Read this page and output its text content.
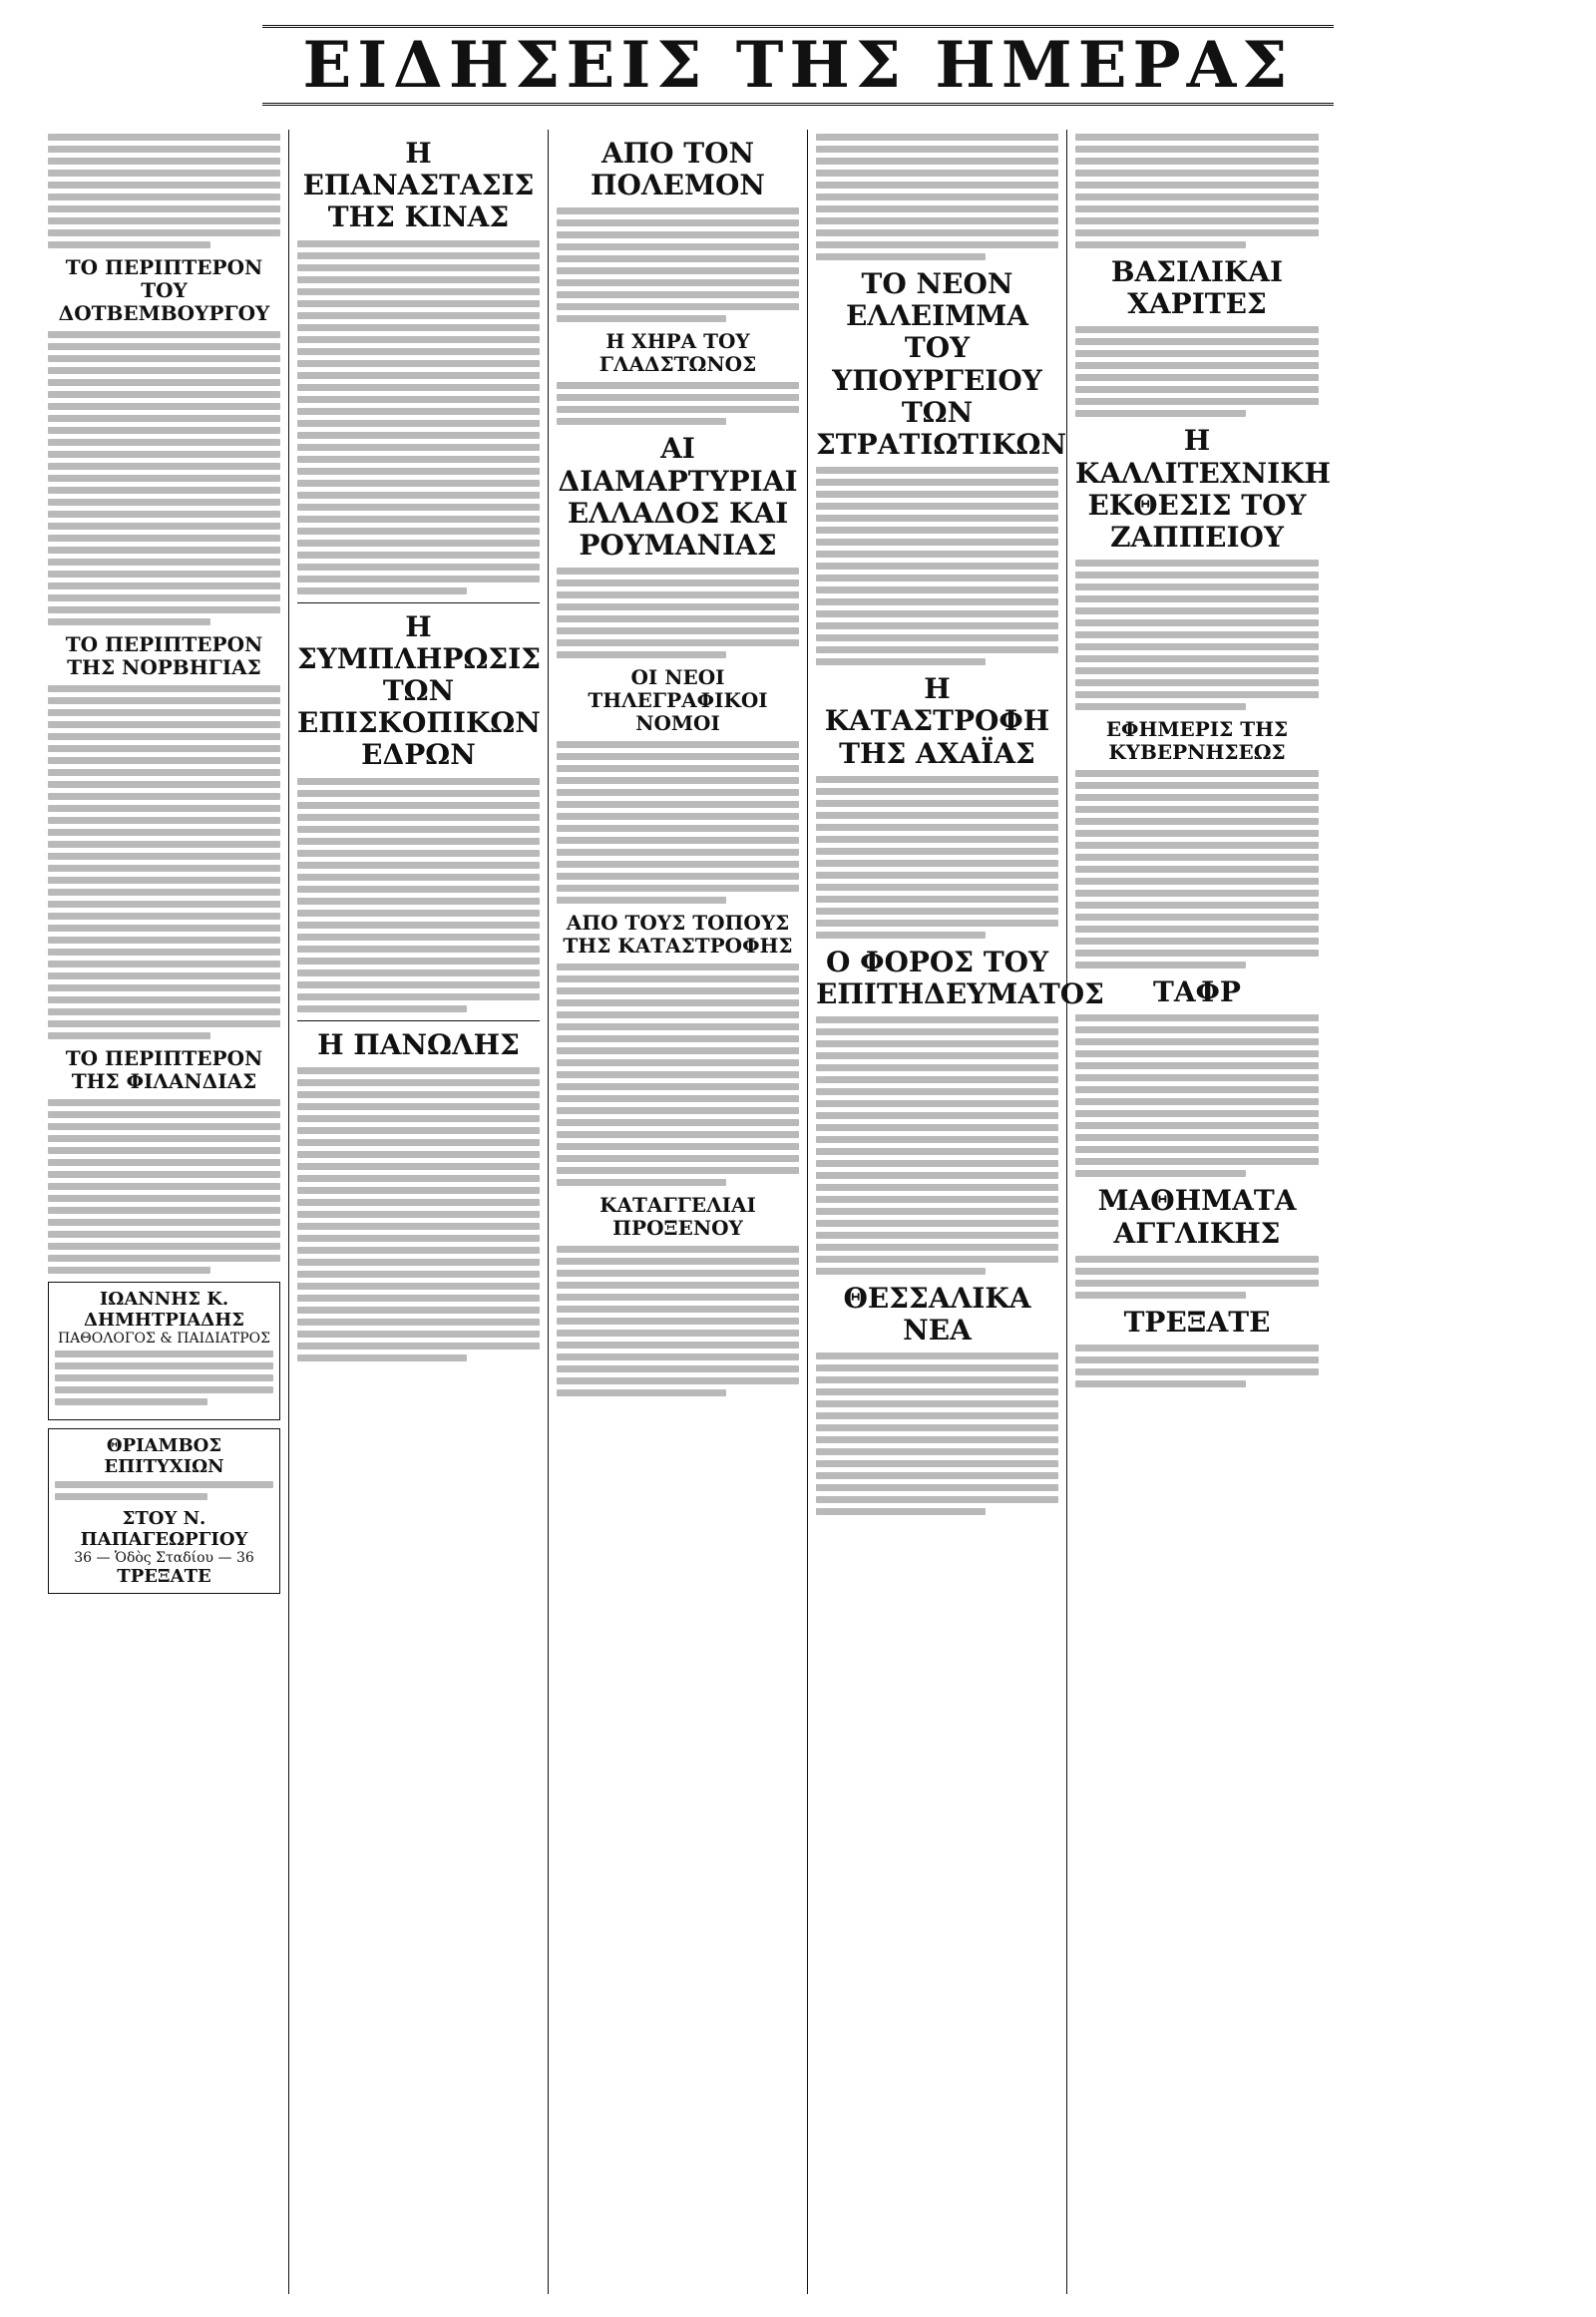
ΕΙΔΗΣΕΙΣ ΤΗΣ ΗΜΕΡΑΣ
ΤΟ ΠΕΡΙΠΤΕΡΟΝ ΤΟΥ ΔΟΤΒΕΜΒΟΥΡΓΟΥ
ΤΟ ΠΕΡΙΠΤΕΡΟΝ ΤΗΣ ΝΟΡΒΗΓΙΑΣ
ΤΟ ΠΕΡΙΠΤΕΡΟΝ ΤΗΣ ΦΙΛΑΝΔΙΑΣ
ΙΩΑΝΝΗΣ Κ. ΔΗΜΗΤΡΙΑΔΗΣ
ΠΑΘΟΛΟΓΟΣ & ΠΑΙΔΙΑΤΡΟΣ
ΘΡΙΑΜΒΟΣ ΕΠΙΤΥΧΙΩΝ
ΣΤΟΥ Ν. ΠΑΠΑΓΕΩΡΓΙΟΥ
36 — Ὁδὸς Σταδίου — 36
ΤΡΕΞΑΤΕ
Η ΕΠΑΝΑΣΤΑΣΙΣ ΤΗΣ ΚΙΝΑΣ
Η ΣΥΜΠΛΗΡΩΣΙΣ ΤΩΝ ΕΠΙΣΚΟΠΙΚΩΝ ΕΔΡΩΝ
Η ΠΑΝΩΛΗΣ
ΑΠΟ ΤΟΝ ΠΟΛΕΜΟΝ
Η ΧΗΡΑ ΤΟΥ ΓΛΑΔΣΤΩΝΟΣ
ΑΙ ΔΙΑΜΑΡΤΥΡΙΑΙ ΕΛΛΑΔΟΣ ΚΑΙ ΡΟΥΜΑΝΙΑΣ
ΟΙ ΝΕΟΙ ΤΗΛΕΓΡΑΦΙΚΟΙ ΝΟΜΟΙ
ΑΠΟ ΤΟΥΣ ΤΟΠΟΥΣ ΤΗΣ ΚΑΤΑΣΤΡΟΦΗΣ
ΚΑΤΑΓΓΕΛΙΑΙ ΠΡΟΞΕΝΟΥ
ΤΟ ΝΕΟΝ ΕΛΛΕΙΜΜΑ ΤΟΥ ΥΠΟΥΡΓΕΙΟΥ ΤΩΝ ΣΤΡΑΤΙΩΤΙΚΩΝ
Η ΚΑΤΑΣΤΡΟΦΗ ΤΗΣ ΑΧΑΪΑΣ
Ο ΦΟΡΟΣ ΤΟΥ ΕΠΙΤΗΔΕΥΜΑΤΟΣ
ΘΕΣΣΑΛΙΚΑ ΝΕΑ
ΒΑΣΙΛΙΚΑΙ ΧΑΡΙΤΕΣ
Η ΚΑΛΛΙΤΕΧΝΙΚΗ ΕΚΘΕΣΙΣ ΤΟΥ ΖΑΠΠΕΙΟΥ
ΕΦΗΜΕΡΙΣ ΤΗΣ ΚΥΒΕΡΝΗΣΕΩΣ
ΤΑΦΡ
ΜΑΘΗΜΑΤΑ ΑΓΓΛΙΚΗΣ
ΤΡΕΞΑΤΕ
